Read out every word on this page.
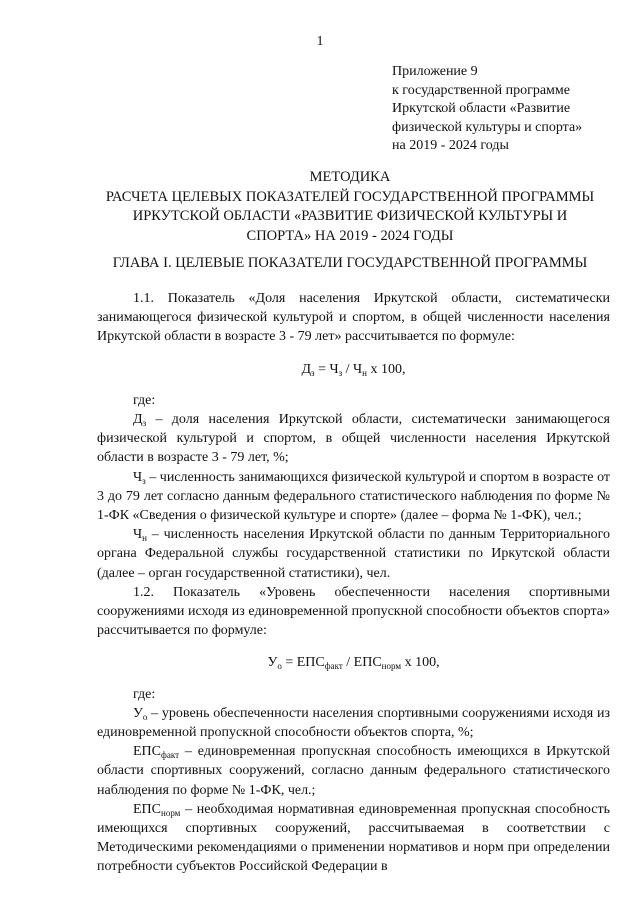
1
Приложение 9
к государственной программе
Иркутской области «Развитие
физической культуры и спорта»
на 2019 - 2024 годы
МЕТОДИКА
РАСЧЕТА ЦЕЛЕВЫХ ПОКАЗАТЕЛЕЙ ГОСУДАРСТВЕННОЙ ПРОГРАММЫ
ИРКУТСКОЙ ОБЛАСТИ «РАЗВИТИЕ ФИЗИЧЕСКОЙ КУЛЬТУРЫ И
СПОРТА» НА 2019 - 2024 ГОДЫ
ГЛАВА I. ЦЕЛЕВЫЕ ПОКАЗАТЕЛИ ГОСУДАРСТВЕННОЙ ПРОГРАММЫ

1.1. Показатель «Доля населения Иркутской области, систематически занимающегося физической культурой и спортом, в общей численности населения Иркутской области в возрасте 3 - 79 лет» рассчитывается по формуле:

$Д_з = Ч_з / Ч_н$ х 100,

где:

$Д_з$ – доля населения Иркутской области, систематически занимающегося физической культурой и спортом, в общей численности населения Иркутской области в возрасте 3 - 79 лет, %;

$Ч_з$ – численность занимающихся физической культурой и спортом в возрасте от 3 до 79 лет согласно данным федерального статистического наблюдения по форме № 1-ФК «Сведения о физической культуре и спорте» (далее – форма № 1-ФК), чел.;

$Ч_н$ – численность населения Иркутской области по данным Территориального органа Федеральной службы государственной статистики по Иркутской области (далее – орган государственной статистики), чел.

1.2. Показатель «Уровень обеспеченности населения спортивными сооружениями исходя из единовременной пропускной способности объектов спорта» рассчитывается по формуле:

$У_о = ЕПС_{факт} / ЕПС_{норм}$ х 100,

где:

$У_о$ – уровень обеспеченности населения спортивными сооружениями исходя из единовременной пропускной способности объектов спорта, %;

$ЕПС_{факт}$ – единовременная пропускная способность имеющихся в Иркутской области спортивных сооружений, согласно данным федерального статистического наблюдения по форме № 1-ФК, чел.;

$ЕПС_{норм}$ – необходимая нормативная единовременная пропускная способность имеющихся спортивных сооружений, рассчитываемая в соответствии с Методическими рекомендациями о применении нормативов и норм при определении потребности субъектов Российской Федерации в
